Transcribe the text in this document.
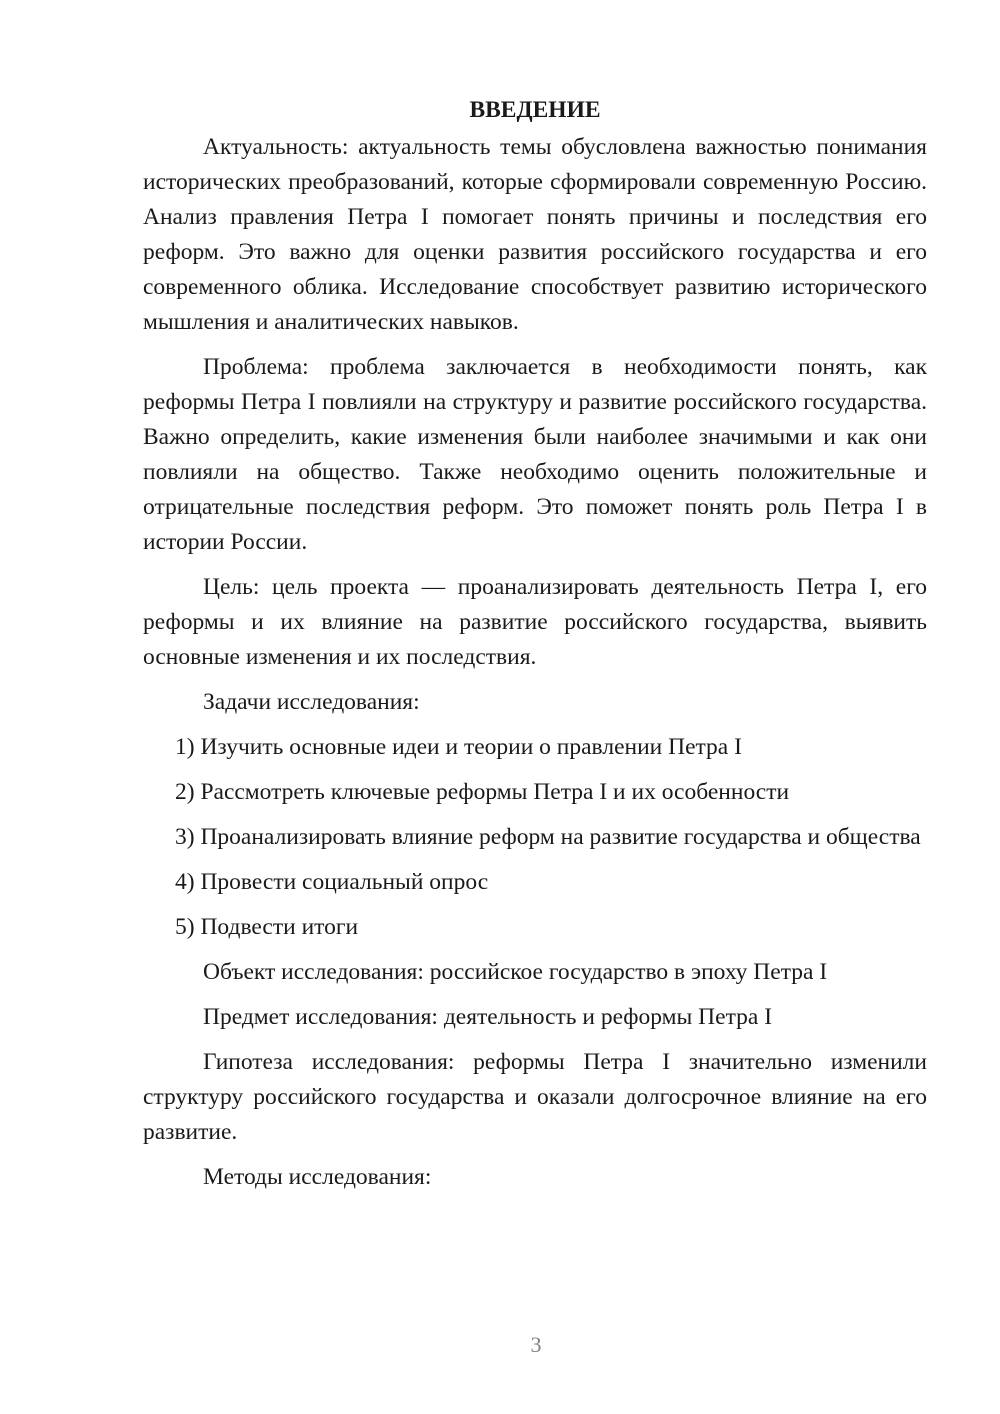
ВВЕДЕНИЕ

Актуальность: актуальность темы обусловлена важностью понимания исторических преобразований, которые сформировали современную Россию. Анализ правления Петра I помогает понять причины и последствия его реформ. Это важно для оценки развития российского государства и его современного облика. Исследование способствует развитию исторического мышления и аналитических навыков.

Проблема: проблема заключается в необходимости понять, как реформы Петра I повлияли на структуру и развитие российского государства. Важно определить, какие изменения были наиболее значимыми и как они повлияли на общество. Также необходимо оценить положительные и отрицательные последствия реформ. Это поможет понять роль Петра I в истории России.

Цель: цель проекта — проанализировать деятельность Петра I, его реформы и их влияние на развитие российского государства, выявить основные изменения и их последствия.

Задачи исследования:

1) Изучить основные идеи и теории о правлении Петра I

2) Рассмотреть ключевые реформы Петра I и их особенности

3) Проанализировать влияние реформ на развитие государства и общества

4) Провести социальный опрос

5) Подвести итоги

Объект исследования: российское государство в эпоху Петра I

Предмет исследования: деятельность и реформы Петра I

Гипотеза исследования: реформы Петра I значительно изменили структуру российского государства и оказали долгосрочное влияние на его развитие.

Методы исследования:

3
